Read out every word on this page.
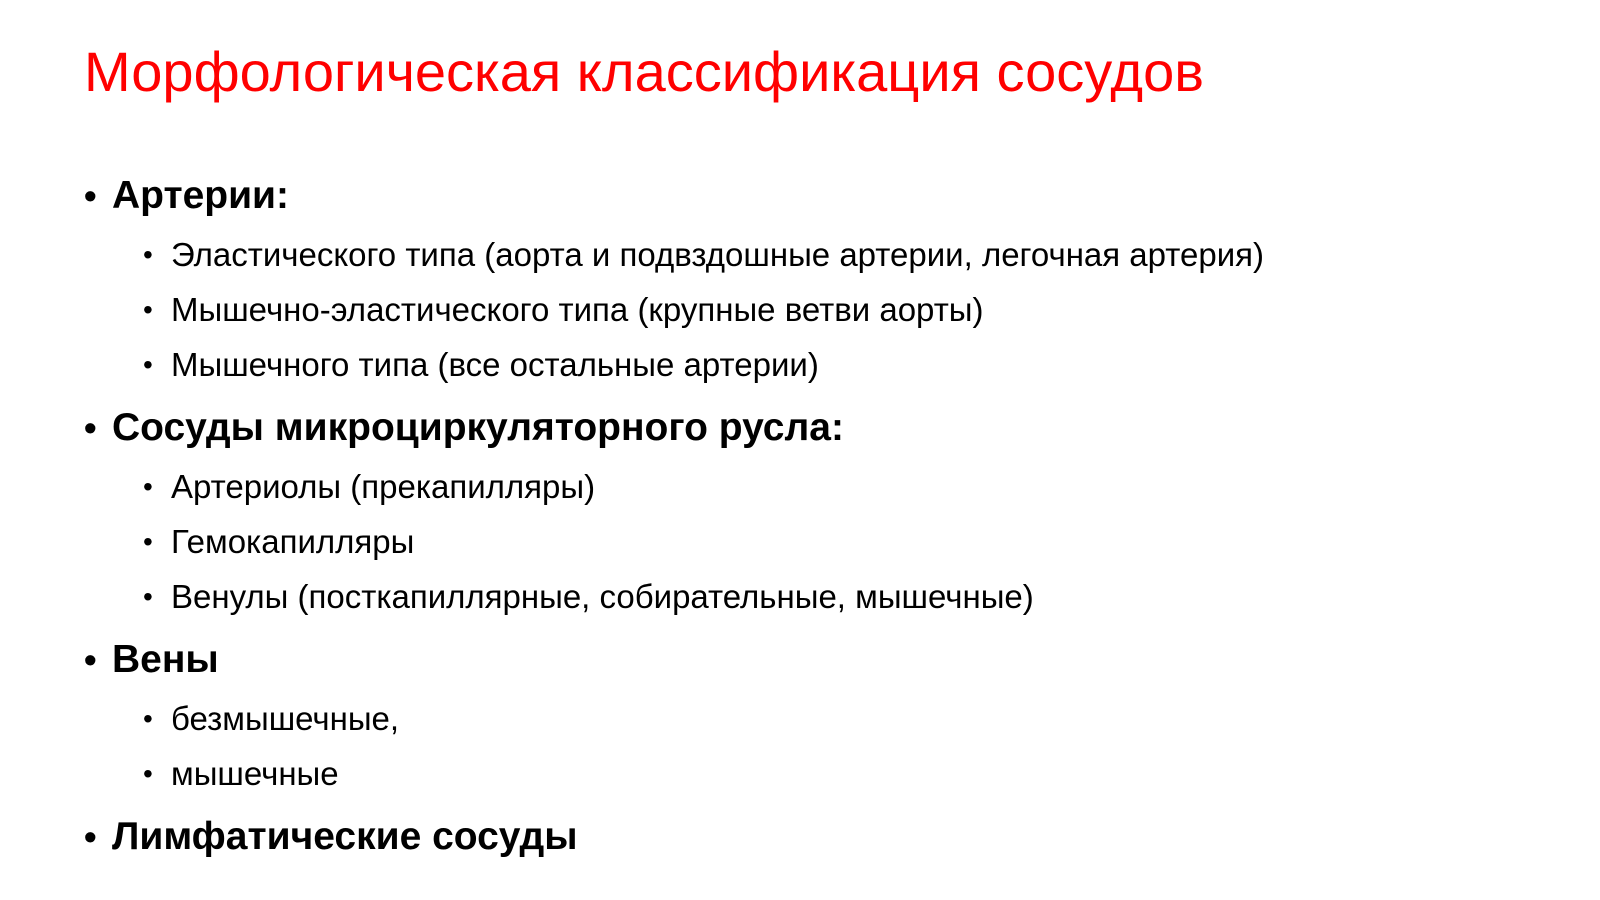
Морфологическая классификация сосудов
• Артерии:
• Эластического типа (аорта и подвздошные артерии, легочная артерия)
• Мышечно-эластического типа (крупные ветви аорты)
• Мышечного типа (все остальные артерии)
• Сосуды микроциркуляторного русла:
• Артериолы (прекапилляры)
• Гемокапилляры
• Венулы (посткапиллярные, собирательные, мышечные)
• Вены
• безмышечные,
• мышечные
• Лимфатические сосуды
